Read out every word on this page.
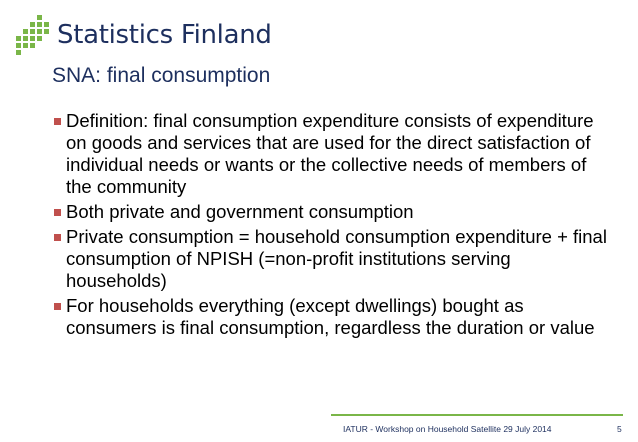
Statistics Finland
SNA: final consumption
Definition: final consumption expenditure consists of expenditure on goods and services that are used for the direct satisfaction of individual needs or wants or the collective needs of members of the community
Both private and government consumption
Private consumption = household consumption expenditure + final consumption of NPISH (=non-profit institutions serving households)
For households everything (except dwellings) bought as consumers is final consumption, regardless the duration or value
IATUR - Workshop on Household Satellite 29 July 2014	5
